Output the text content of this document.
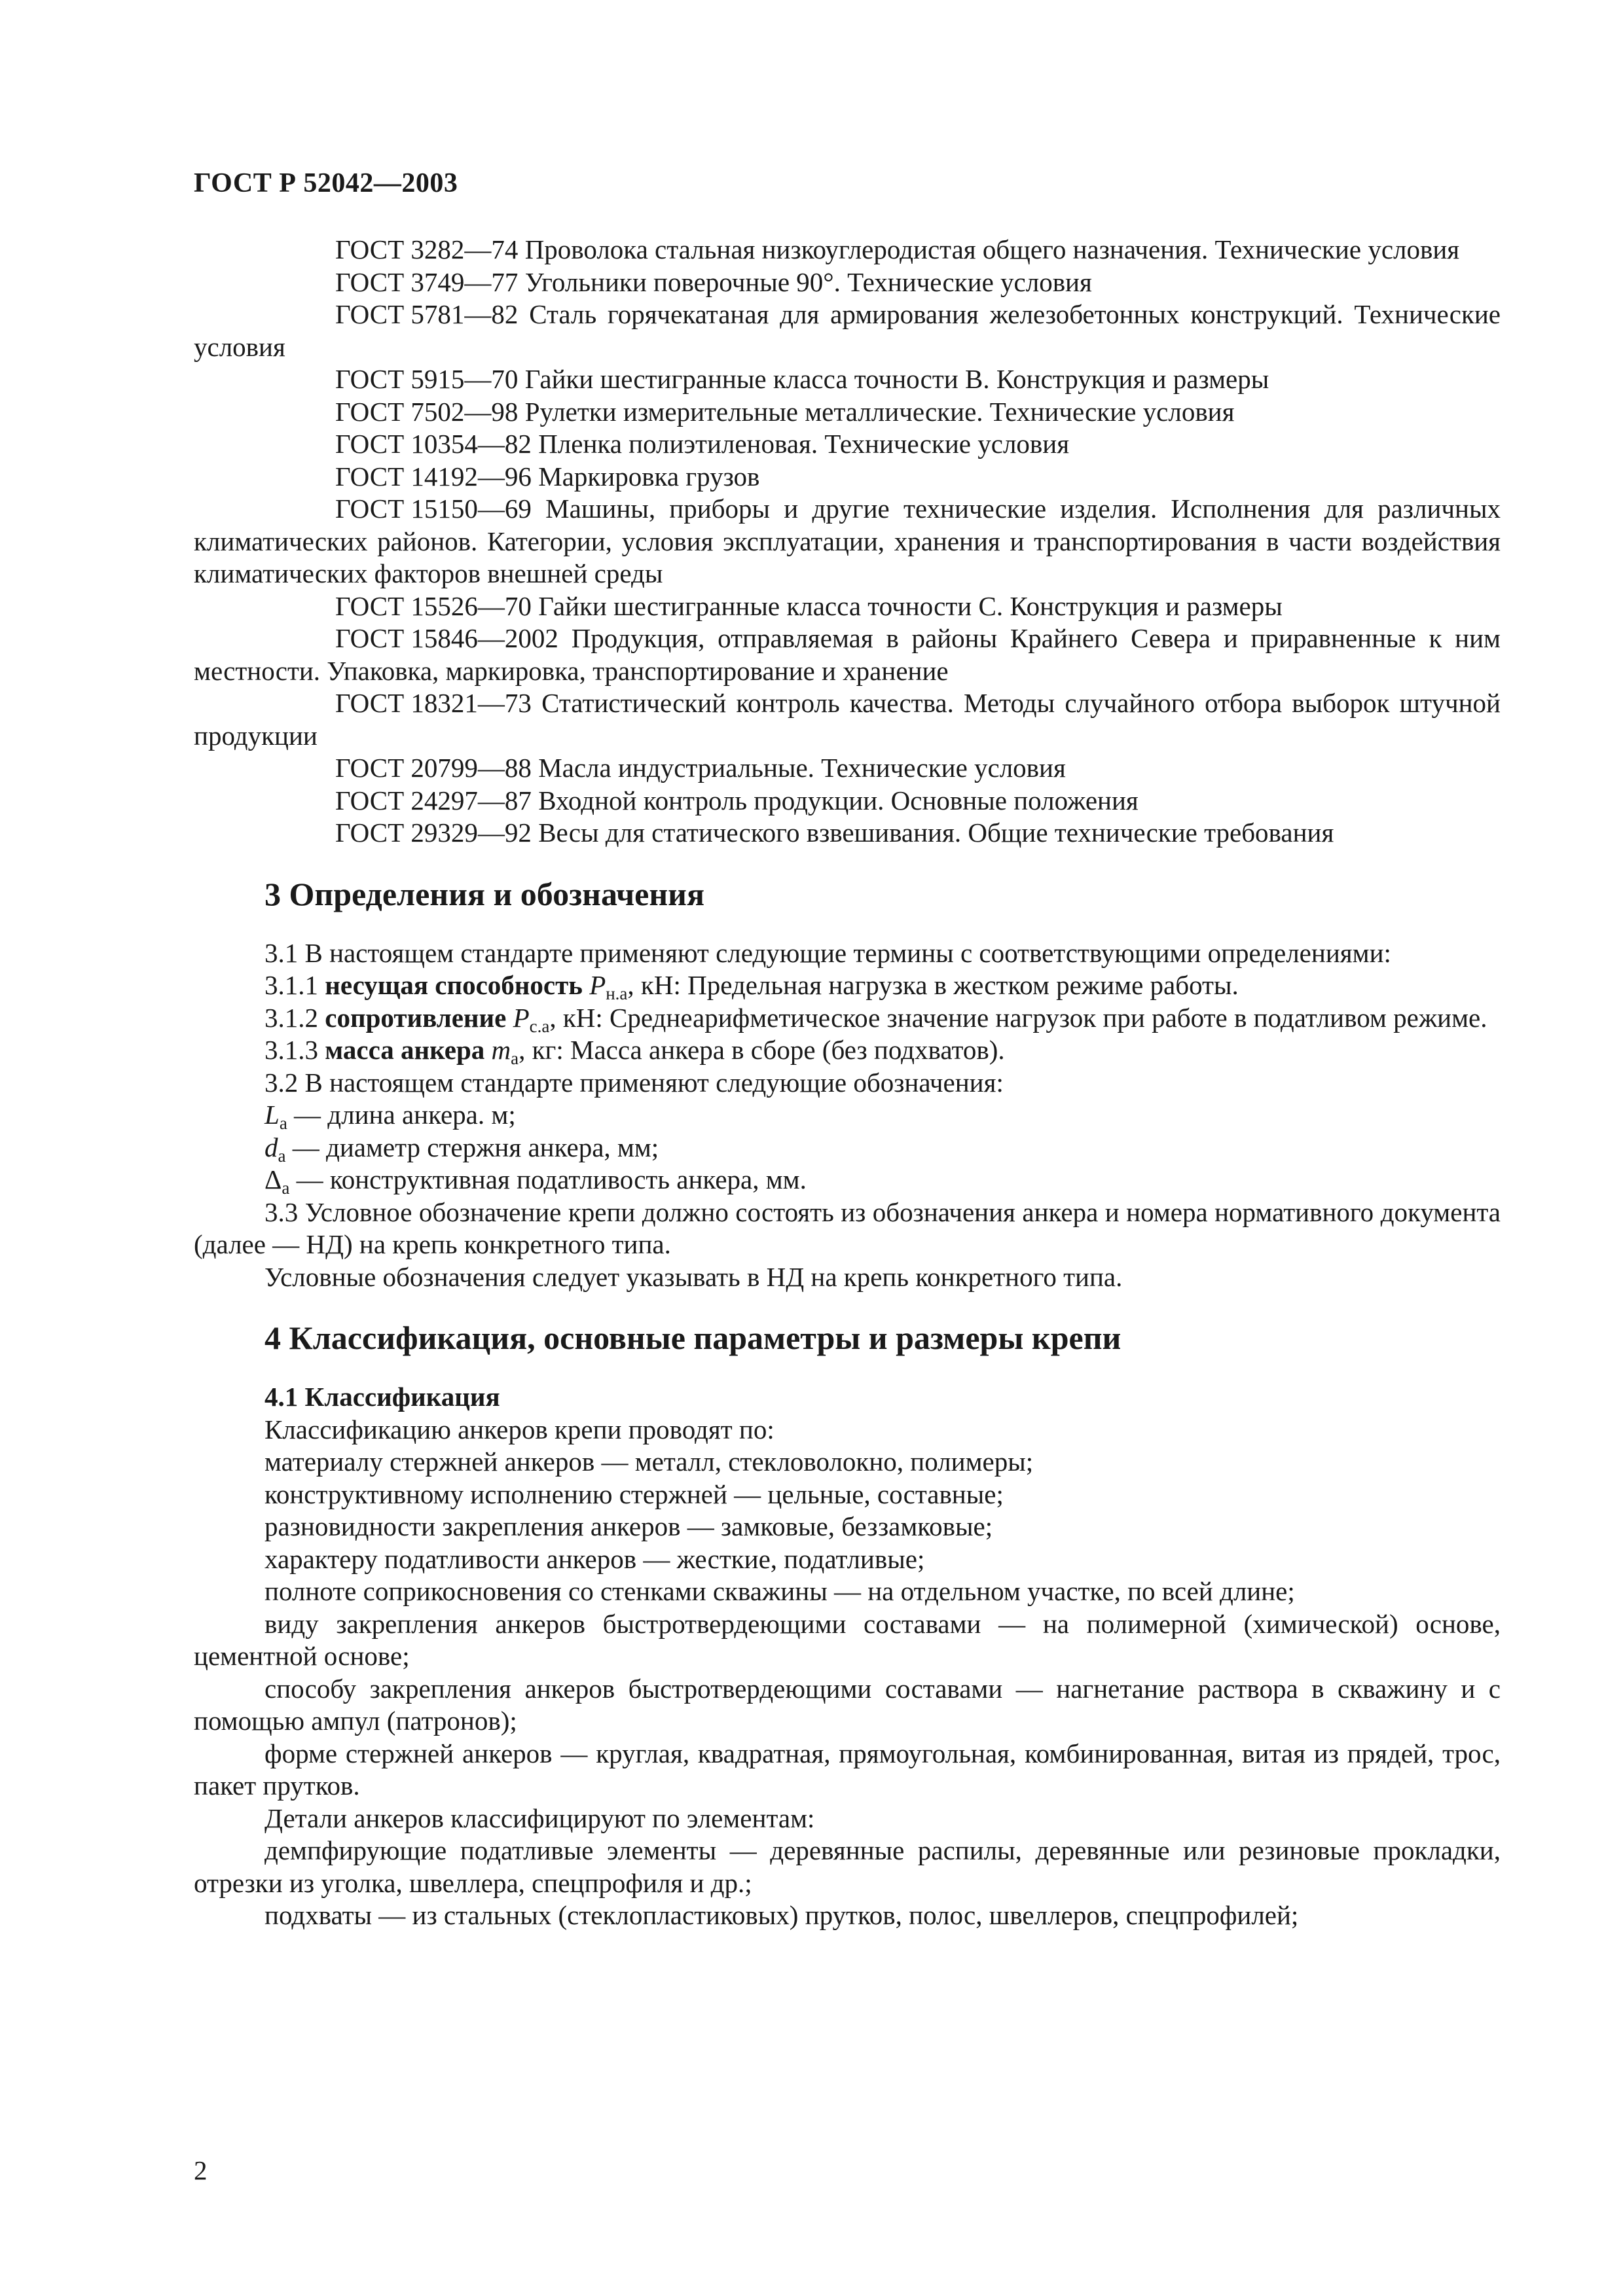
ГОСТ Р 52042—2003

ГОСТ 3282—74 Проволока стальная низкоуглеродистая общего назначения. Технические условия

ГОСТ 3749—77 Угольники поверочные 90°. Технические условия

ГОСТ 5781—82 Сталь горячекатаная для армирования железобетонных конструкций. Технические условия

ГОСТ 5915—70 Гайки шестигранные класса точности В. Конструкция и размеры

ГОСТ 7502—98 Рулетки измерительные металлические. Технические условия

ГОСТ 10354—82 Пленка полиэтиленовая. Технические условия

ГОСТ 14192—96 Маркировка грузов

ГОСТ 15150—69 Машины, приборы и другие технические изделия. Исполнения для различных климатических районов. Категории, условия эксплуатации, хранения и транспортирования в части воздействия климатических факторов внешней среды

ГОСТ 15526—70 Гайки шестигранные класса точности С. Конструкция и размеры

ГОСТ 15846—2002 Продукция, отправляемая в районы Крайнего Севера и приравненные к ним местности. Упаковка, маркировка, транспортирование и хранение

ГОСТ 18321—73 Статистический контроль качества. Методы случайного отбора выборок штучной продукции

ГОСТ 20799—88 Масла индустриальные. Технические условия

ГОСТ 24297—87 Входной контроль продукции. Основные положения

ГОСТ 29329—92 Весы для статического взвешивания. Общие технические требования

3 Определения и обозначения

3.1 В настоящем стандарте применяют следующие термины с соответствующими определениями:

3.1.1 несущая способность $P_{н.а}$, кН: Предельная нагрузка в жестком режиме работы.

3.1.2 сопротивление $P_{с.а}$, кН: Среднеарифметическое значение нагрузок при работе в податливом режиме.

3.1.3 масса анкера $m_а$, кг: Масса анкера в сборе (без подхватов).

3.2 В настоящем стандарте применяют следующие обозначения:

$L_а$ — длина анкера. м;

$d_а$ — диаметр стержня анкера, мм;

$\Delta_а$ — конструктивная податливость анкера, мм.

3.3 Условное обозначение крепи должно состоять из обозначения анкера и номера нормативного документа (далее — НД) на крепь конкретного типа.

Условные обозначения следует указывать в НД на крепь конкретного типа.

4 Классификация, основные параметры и размеры крепи
4.1 Классификация

Классификацию анкеров крепи проводят по:

материалу стержней анкеров — металл, стекловолокно, полимеры;

конструктивному исполнению стержней — цельные, составные;

разновидности закрепления анкеров — замковые, беззамковые;

характеру податливости анкеров — жесткие, податливые;

полноте соприкосновения со стенками скважины — на отдельном участке, по всей длине;

виду закрепления анкеров быстротвердеющими составами — на полимерной (химической) основе, цементной основе;

способу закрепления анкеров быстротвердеющими составами — нагнетание раствора в скважину и с помощью ампул (патронов);

форме стержней анкеров — круглая, квадратная, прямоугольная, комбинированная, витая из прядей, трос, пакет прутков.

Детали анкеров классифицируют по элементам:

демпфирующие податливые элементы — деревянные распилы, деревянные или резиновые прокладки, отрезки из уголка, швеллера, спецпрофиля и др.;

подхваты — из стальных (стеклопластиковых) прутков, полос, швеллеров, спецпрофилей;

2
